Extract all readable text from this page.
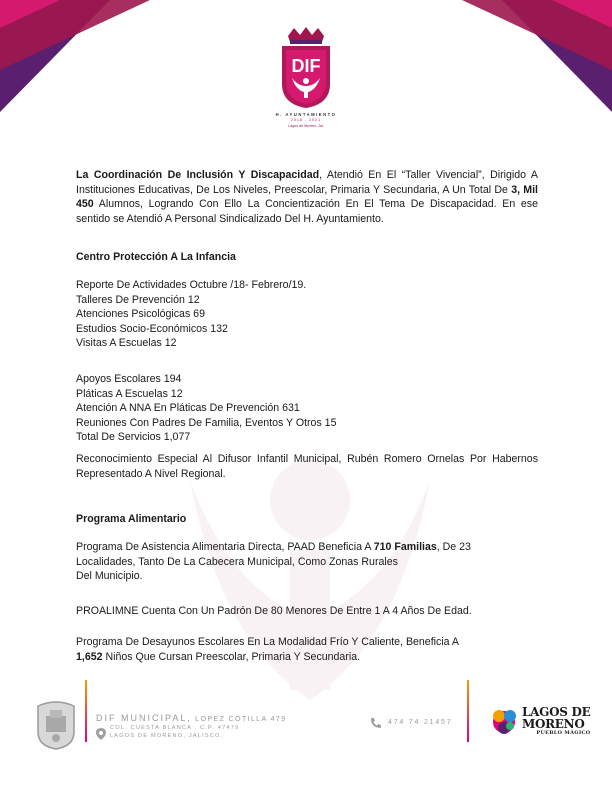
DIF
H. AYUNTAMIENTO
2018 - 2021
Lagos de Moreno, Jal.

La Coordinación De Inclusión Y Discapacidad, Atendió En El “Taller Vivencial”, Dirigido A Instituciones Educativas, De Los Niveles, Preescolar, Primaria Y Secundaria, A Un Total De 3, Mil 450 Alumnos, Logrando Con Ello La Concientización En El Tema De Discapacidad. En ese sentido se Atendió A Personal Sindicalizado Del H. Ayuntamiento.

Centro Protección A La Infancia
Reporte De Actividades Octubre /18- Febrero/19.
Talleres De Prevención 12
Atenciones Psicológicas 69
Estudios Socio-Económicos 132
Visitas A Escuelas 12
Apoyos Escolares 194
Pláticas A Escuelas 12
Atención A NNA En Pláticas De Prevención 631
Reuniones Con Padres De Familia, Eventos Y Otros 15
Total De Servicios 1,077

Reconocimiento Especial Al Difusor Infantil Municipal, Rubén Romero Ornelas Por Habernos Representado A Nivel Regional.

Programa Alimentario
Programa De Asistencia Alimentaria Directa, PAAD Beneficia A 710 Familias, De 23
Localidades, Tanto De La Cabecera Municipal, Como Zonas Rurales
Del Municipio.
PROALIMNE Cuenta Con Un Padrón De 80 Menores De Entre 1 A 4 Años De Edad.
Programa De Desayunos Escolares En La Modalidad Frío Y Caliente, Beneficia A
1,652 Niños Que Cursan Preescolar, Primaria Y Secundaria.
DIF MUNICIPAL, LOPEZ COTILLA 479
COL. CUESTA BLANCA . C.P. 47479
LAGOS DE MORENO, JALISCO.
474 74 21457
LAGOS DE
MORENO
PUEBLO MÁGICO
